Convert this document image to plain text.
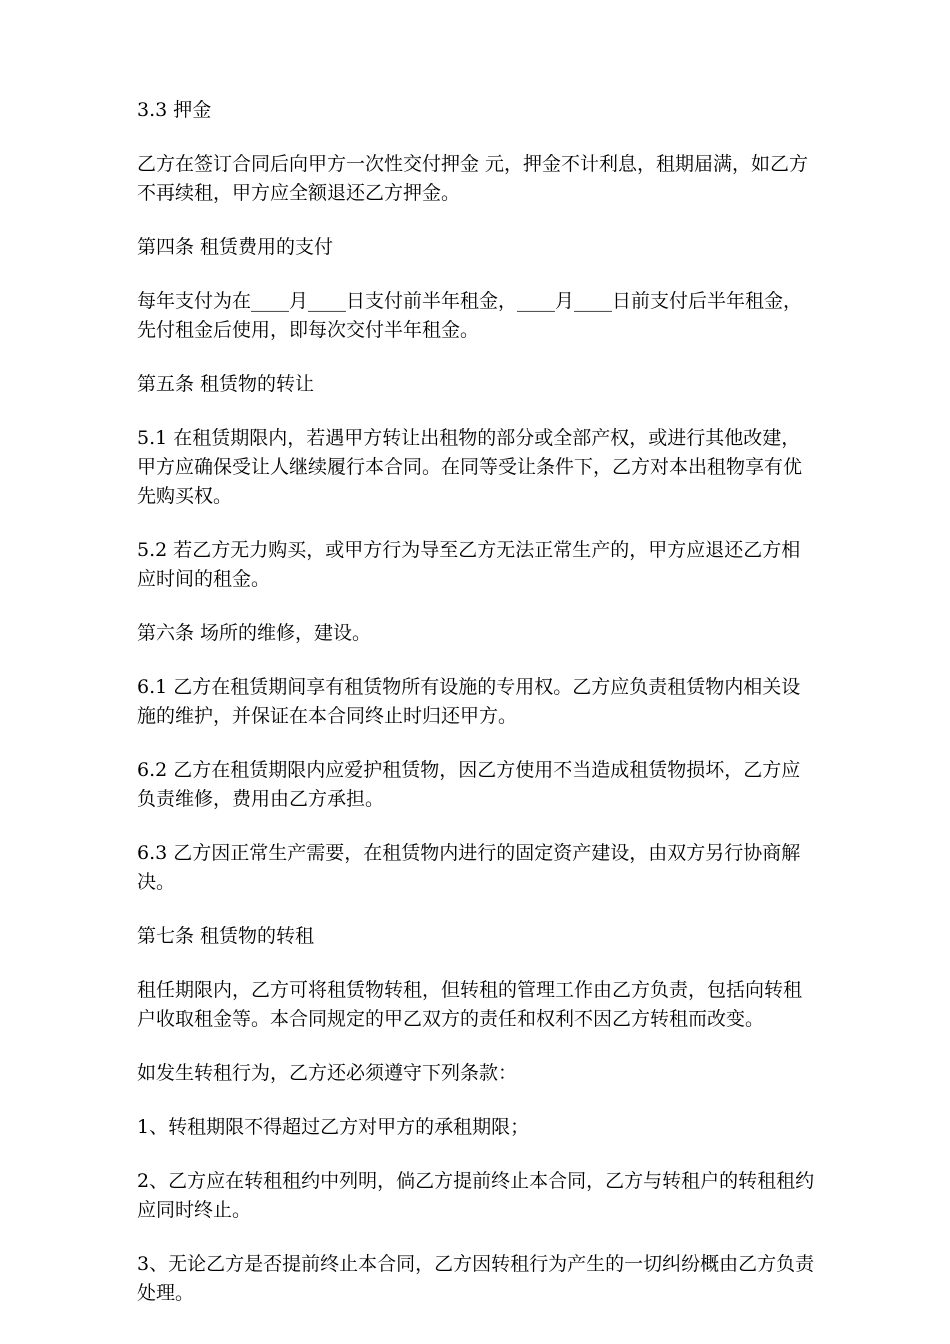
3.3 押金

乙方在签订合同后向甲方一次性交付押金 元，押金不计利息，租期届满，如乙方不再续租，甲方应全额退还乙方押金。

第四条 租赁费用的支付

每年支付为在____月____日支付前半年租金，____月____日前支付后半年租金，先付租金后使用，即每次交付半年租金。

第五条 租赁物的转让

5.1 在租赁期限内，若遇甲方转让出租物的部分或全部产权，或进行其他改建，甲方应确保受让人继续履行本合同。在同等受让条件下，乙方对本出租物享有优先购买权。

5.2 若乙方无力购买，或甲方行为导至乙方无法正常生产的，甲方应退还乙方相应时间的租金。

第六条 场所的维修，建设。

6.1 乙方在租赁期间享有租赁物所有设施的专用权。乙方应负责租赁物内相关设施的维护，并保证在本合同终止时归还甲方。

6.2 乙方在租赁期限内应爱护租赁物，因乙方使用不当造成租赁物损坏，乙方应负责维修，费用由乙方承担。

6.3 乙方因正常生产需要，在租赁物内进行的固定资产建设，由双方另行协商解决。

第七条 租赁物的转租

租任期限内，乙方可将租赁物转租，但转租的管理工作由乙方负责，包括向转租户收取租金等。本合同规定的甲乙双方的责任和权利不因乙方转租而改变。

如发生转租行为，乙方还必须遵守下列条款：

1、转租期限不得超过乙方对甲方的承租期限；

2、乙方应在转租租约中列明，倘乙方提前终止本合同，乙方与转租户的转租租约应同时终止。

3、无论乙方是否提前终止本合同，乙方因转租行为产生的一切纠纷概由乙方负责处理。
